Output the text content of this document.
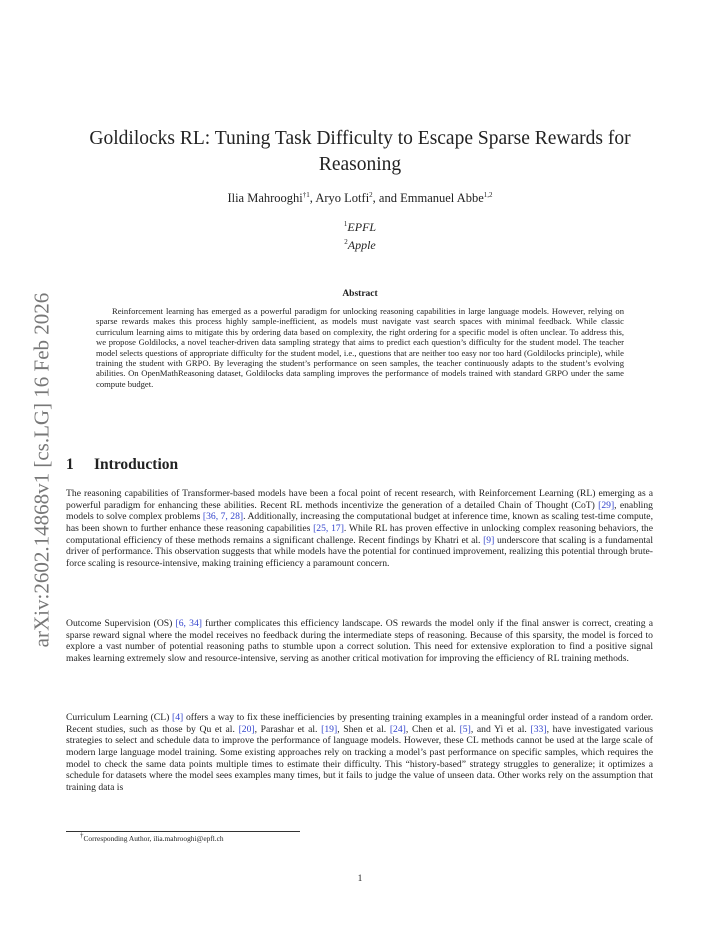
arXiv:2602.14868v1 [cs.LG] 16 Feb 2026
Goldilocks RL: Tuning Task Difficulty to Escape Sparse Rewards for Reasoning
Ilia Mahrooghi$^{\dagger 1}$, Aryo Lotfi$^2$, and Emmanuel Abbe$^{1,2}$
$^1$EPFL
$^2$Apple
Abstract

Reinforcement learning has emerged as a powerful paradigm for unlocking reasoning capabilities in large language models. However, relying on sparse rewards makes this process highly sample-inefficient, as models must navigate vast search spaces with minimal feedback. While classic curriculum learning aims to mitigate this by ordering data based on complexity, the right ordering for a specific model is often unclear. To address this, we propose Goldilocks, a novel teacher-driven data sampling strategy that aims to predict each question’s difficulty for the student model. The teacher model selects questions of appropriate difficulty for the student model, i.e., questions that are neither too easy nor too hard (Goldilocks principle), while training the student with GRPO. By leveraging the student’s performance on seen samples, the teacher continuously adapts to the student’s evolving abilities. On OpenMathReasoning dataset, Goldilocks data sampling improves the performance of models trained with standard GRPO under the same compute budget.

1 Introduction

The reasoning capabilities of Transformer-based models have been a focal point of recent research, with Reinforcement Learning (RL) emerging as a powerful paradigm for enhancing these abilities. Recent RL methods incentivize the generation of a detailed Chain of Thought (CoT) [29], enabling models to solve complex problems [36, 7, 28]. Additionally, increasing the computational budget at inference time, known as scaling test-time compute, has been shown to further enhance these reasoning capabilities [25, 17]. While RL has proven effective in unlocking complex reasoning behaviors, the computational efficiency of these methods remains a significant challenge. Recent findings by Khatri et al. [9] underscore that scaling is a fundamental driver of performance. This observation suggests that while models have the potential for continued improvement, realizing this potential through brute-force scaling is resource-intensive, making training efficiency a paramount concern.

Outcome Supervision (OS) [6, 34] further complicates this efficiency landscape. OS rewards the model only if the final answer is correct, creating a sparse reward signal where the model receives no feedback during the intermediate steps of reasoning. Because of this sparsity, the model is forced to explore a vast number of potential reasoning paths to stumble upon a correct solution. This need for extensive exploration to find a positive signal makes learning extremely slow and resource-intensive, serving as another critical motivation for improving the efficiency of RL training methods.

Curriculum Learning (CL) [4] offers a way to fix these inefficiencies by presenting training examples in a meaningful order instead of a random order. Recent studies, such as those by Qu et al. [20], Parashar et al. [19], Shen et al. [24], Chen et al. [5], and Yi et al. [33], have investigated various strategies to select and schedule data to improve the performance of language models. However, these CL methods cannot be used at the large scale of modern large language model training. Some existing approaches rely on tracking a model’s past performance on specific samples, which requires the model to check the same data points multiple times to estimate their difficulty. This “history-based” strategy struggles to generalize; it optimizes a schedule for datasets where the model sees examples many times, but it fails to judge the value of unseen data. Other works rely on the assumption that training data is

†Corresponding Author, ilia.mahrooghi@epfl.ch
1
